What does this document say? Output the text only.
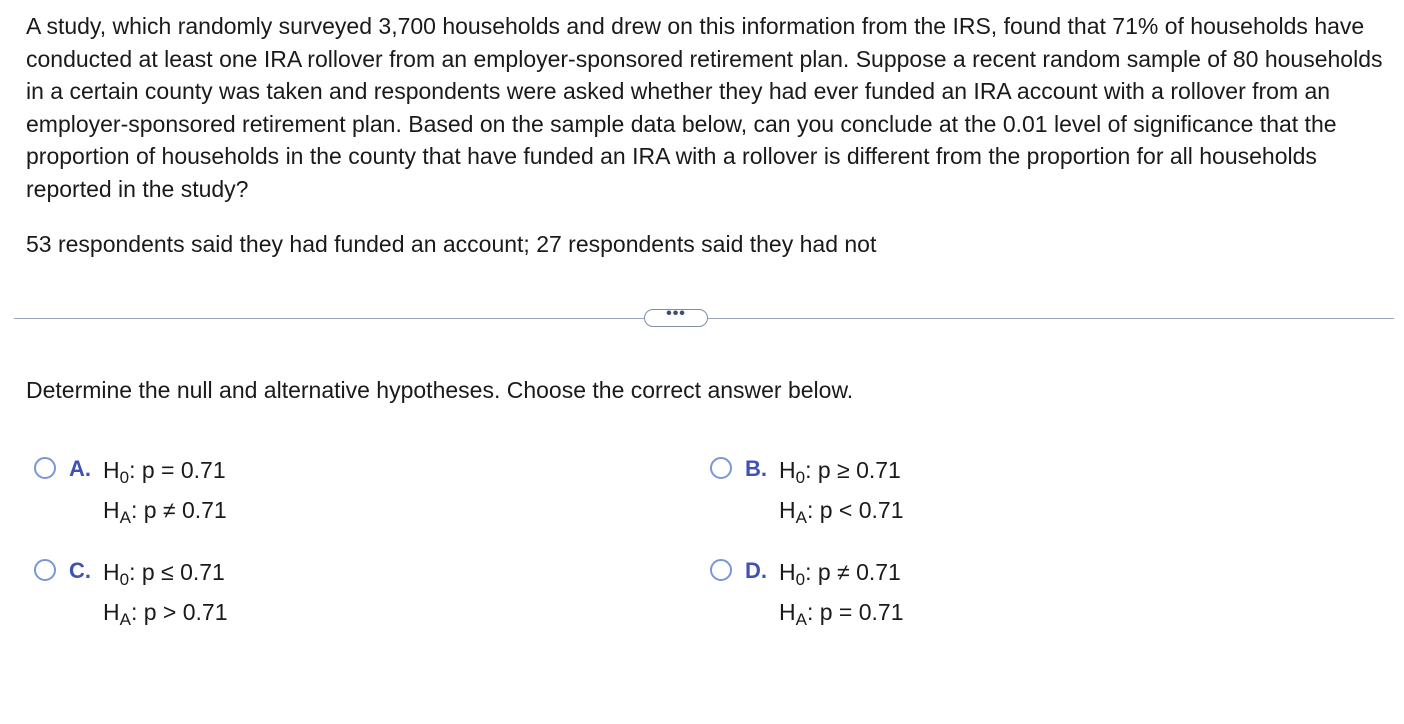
A study, which randomly surveyed 3,700 households and drew on this information from the IRS, found that 71% of households have conducted at least one IRA rollover from an employer-sponsored retirement plan. Suppose a recent random sample of 80 households in a certain county was taken and respondents were asked whether they had ever funded an IRA account with a rollover from an employer-sponsored retirement plan. Based on the sample data below, can you conclude at the 0.01 level of significance that the proportion of households in the county that have funded an IRA with a rollover is different from the proportion for all households reported in the study?

53 respondents said they had funded an account; 27 respondents said they had not
•••
Determine the null and alternative hypotheses. Choose the correct answer below.
A. $H_0$: p = 0.71
$H_A$: p ≠ 0.71
B. $H_0$: p ≥ 0.71
$H_A$: p < 0.71
C. $H_0$: p ≤ 0.71
$H_A$: p > 0.71
D. $H_0$: p ≠ 0.71
$H_A$: p = 0.71
